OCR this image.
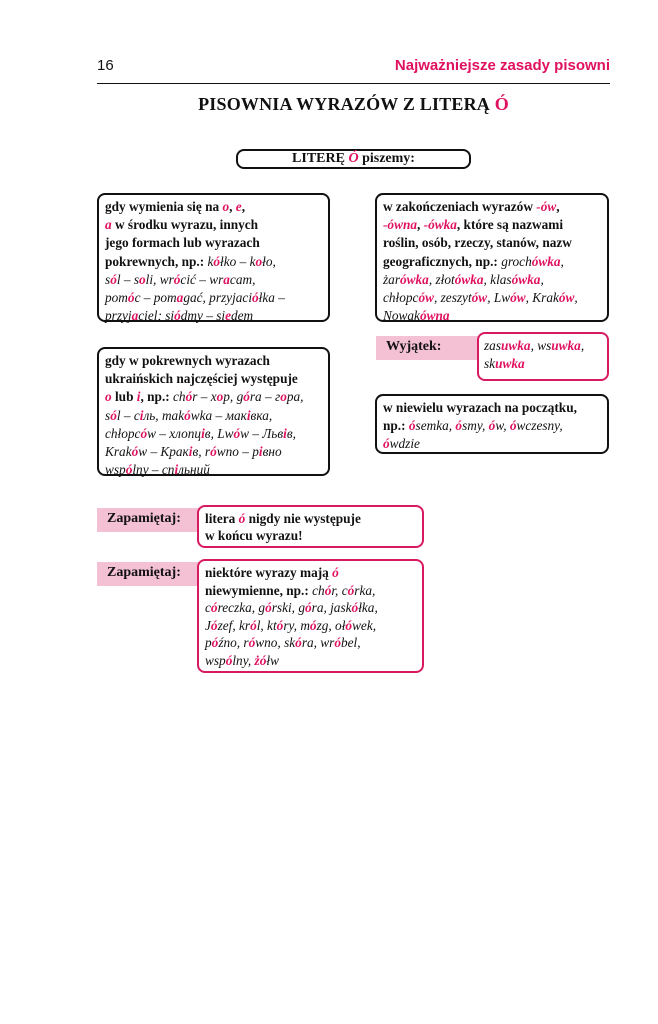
16	Najważniejsze zasady pisowni
PISOWNIA WYRAZÓW Z LITERĄ Ó
LITERĘ Ó piszemy:
gdy wymienia się na o, e,
a w środku wyrazu, innych
jego formach lub wyrazach
pokrewnych, np.: kółko – koło,
sól – soli, wrócić – wracam,
pomóc – pomagać, przyjaciółka –
przyjaciel; siódmy – siedem
gdy w pokrewnych wyrazach
ukraińskich najczęściej występuje
o lub i, np.: chór – хор, góra – гора,
sól – сіль, makówka – маківка,
chłopców – хлопців, Lwów – Львів,
Kraków – Краків, równo – рівно
wspólny – спільний
w zakończeniach wyrazów -ów,
-ówna, -ówka, które są nazwami
roślin, osób, rzeczy, stanów, nazw
geograficznych, np.: grochówka,
żarówka, złotówka, klasówka,
chłopców, zeszytów, Lwów, Kraków,
Nowakówna
Wyjątek:	zasuwka, wsuwka,
skuwka
w niewielu wyrazach na początku,
np.: ósemka, ósmy, ów, ówczesny,
ówdzie
Zapamiętaj:	litera ó nigdy nie występuje
w końcu wyrazu!
Zapamiętaj:	niektóre wyrazy mają ó
niewymienne, np.: chór, córka,
córeczka, górski, góra, jaskółka,
Józef, król, który, mózg, ołówek,
późno, równo, skóra, wróbel,
wspólny, żółw
